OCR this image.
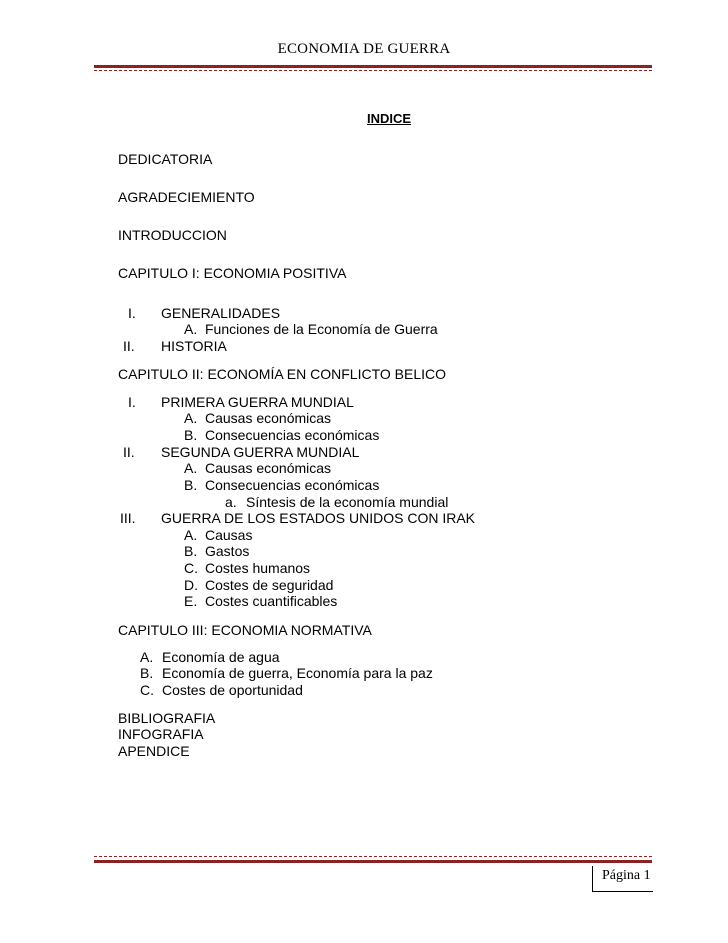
ECONOMIA DE GUERRA
INDICE
DEDICATORIA
AGRADECIEMIENTO
INTRODUCCION
CAPITULO I: ECONOMIA POSITIVA
I. GENERALIDADES
A. Funciones de la Economía de Guerra
II. HISTORIA
CAPITULO II: ECONOMÍA EN CONFLICTO BELICO
I. PRIMERA GUERRA MUNDIAL
A. Causas económicas
B. Consecuencias económicas
II. SEGUNDA GUERRA MUNDIAL
A. Causas económicas
B. Consecuencias económicas
a. Síntesis de la economía mundial
III. GUERRA DE LOS ESTADOS UNIDOS CON IRAK
A. Causas
B. Gastos
C. Costes humanos
D. Costes de seguridad
E. Costes cuantificables
CAPITULO III: ECONOMIA NORMATIVA
A. Economía de agua
B. Economía de guerra, Economía para la paz
C. Costes de oportunidad
BIBLIOGRAFIA
INFOGRAFIA
APENDICE
Página 1
